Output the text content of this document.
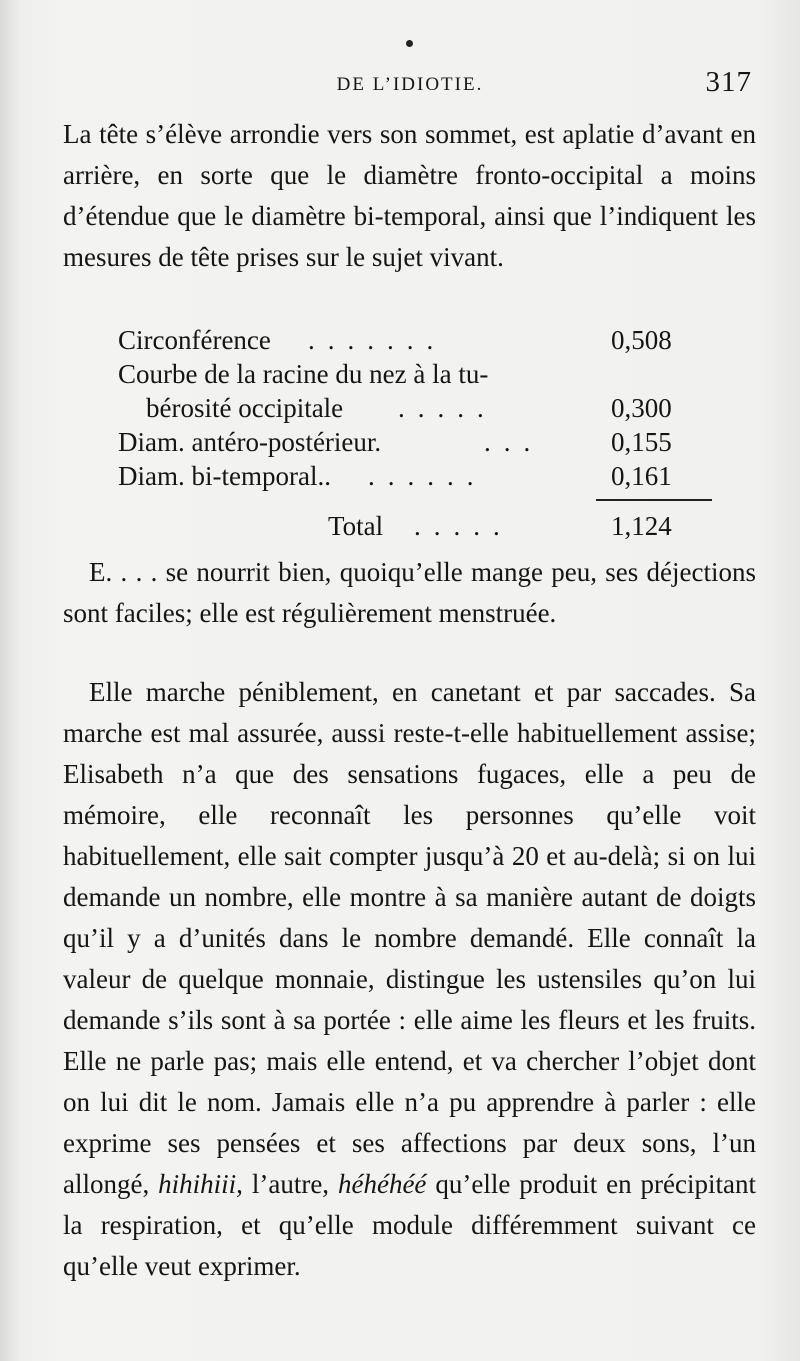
DE L’IDIOTIE.	317
La tête s’élève arrondie vers son sommet, est aplatie d’avant en arrière, en sorte que le diamètre fronto-occipital a moins d’étendue que le diamètre bi-temporal, ainsi que l’indiquent les mesures de tête prises sur le sujet vivant.
Circonférence .......	0,508
Courbe de la racine du nez à la tu-
bérosité occipitale .....	0,300
Diam. antéro-postérieur.	...	0,155
Diam. bi-temporal.. ......	0,161
Total .....	1,124
E. . . . se nourrit bien, quoiqu’elle mange peu, ses déjections sont faciles; elle est régulièrement menstruée.
Elle marche péniblement, en canetant et par saccades. Sa marche est mal assurée, aussi reste-t-elle habituellement assise; Elisabeth n’a que des sensations fugaces, elle a peu de mémoire, elle reconnaît les personnes qu’elle voit habituellement, elle sait compter jusqu’à 20 et au-delà; si on lui demande un nombre, elle montre à sa manière autant de doigts qu’il y a d’unités dans le nombre demandé. Elle connaît la valeur de quelque monnaie, distingue les ustensiles qu’on lui demande s’ils sont à sa portée : elle aime les fleurs et les fruits. Elle ne parle pas; mais elle entend, et va chercher l’objet dont on lui dit le nom. Jamais elle n’a pu apprendre à parler : elle exprime ses pensées et ses affections par deux sons, l’un allongé, hihihiii, l’autre, héhéhéé qu’elle produit en précipitant la respiration, et qu’elle module différemment suivant ce qu’elle veut exprimer.
